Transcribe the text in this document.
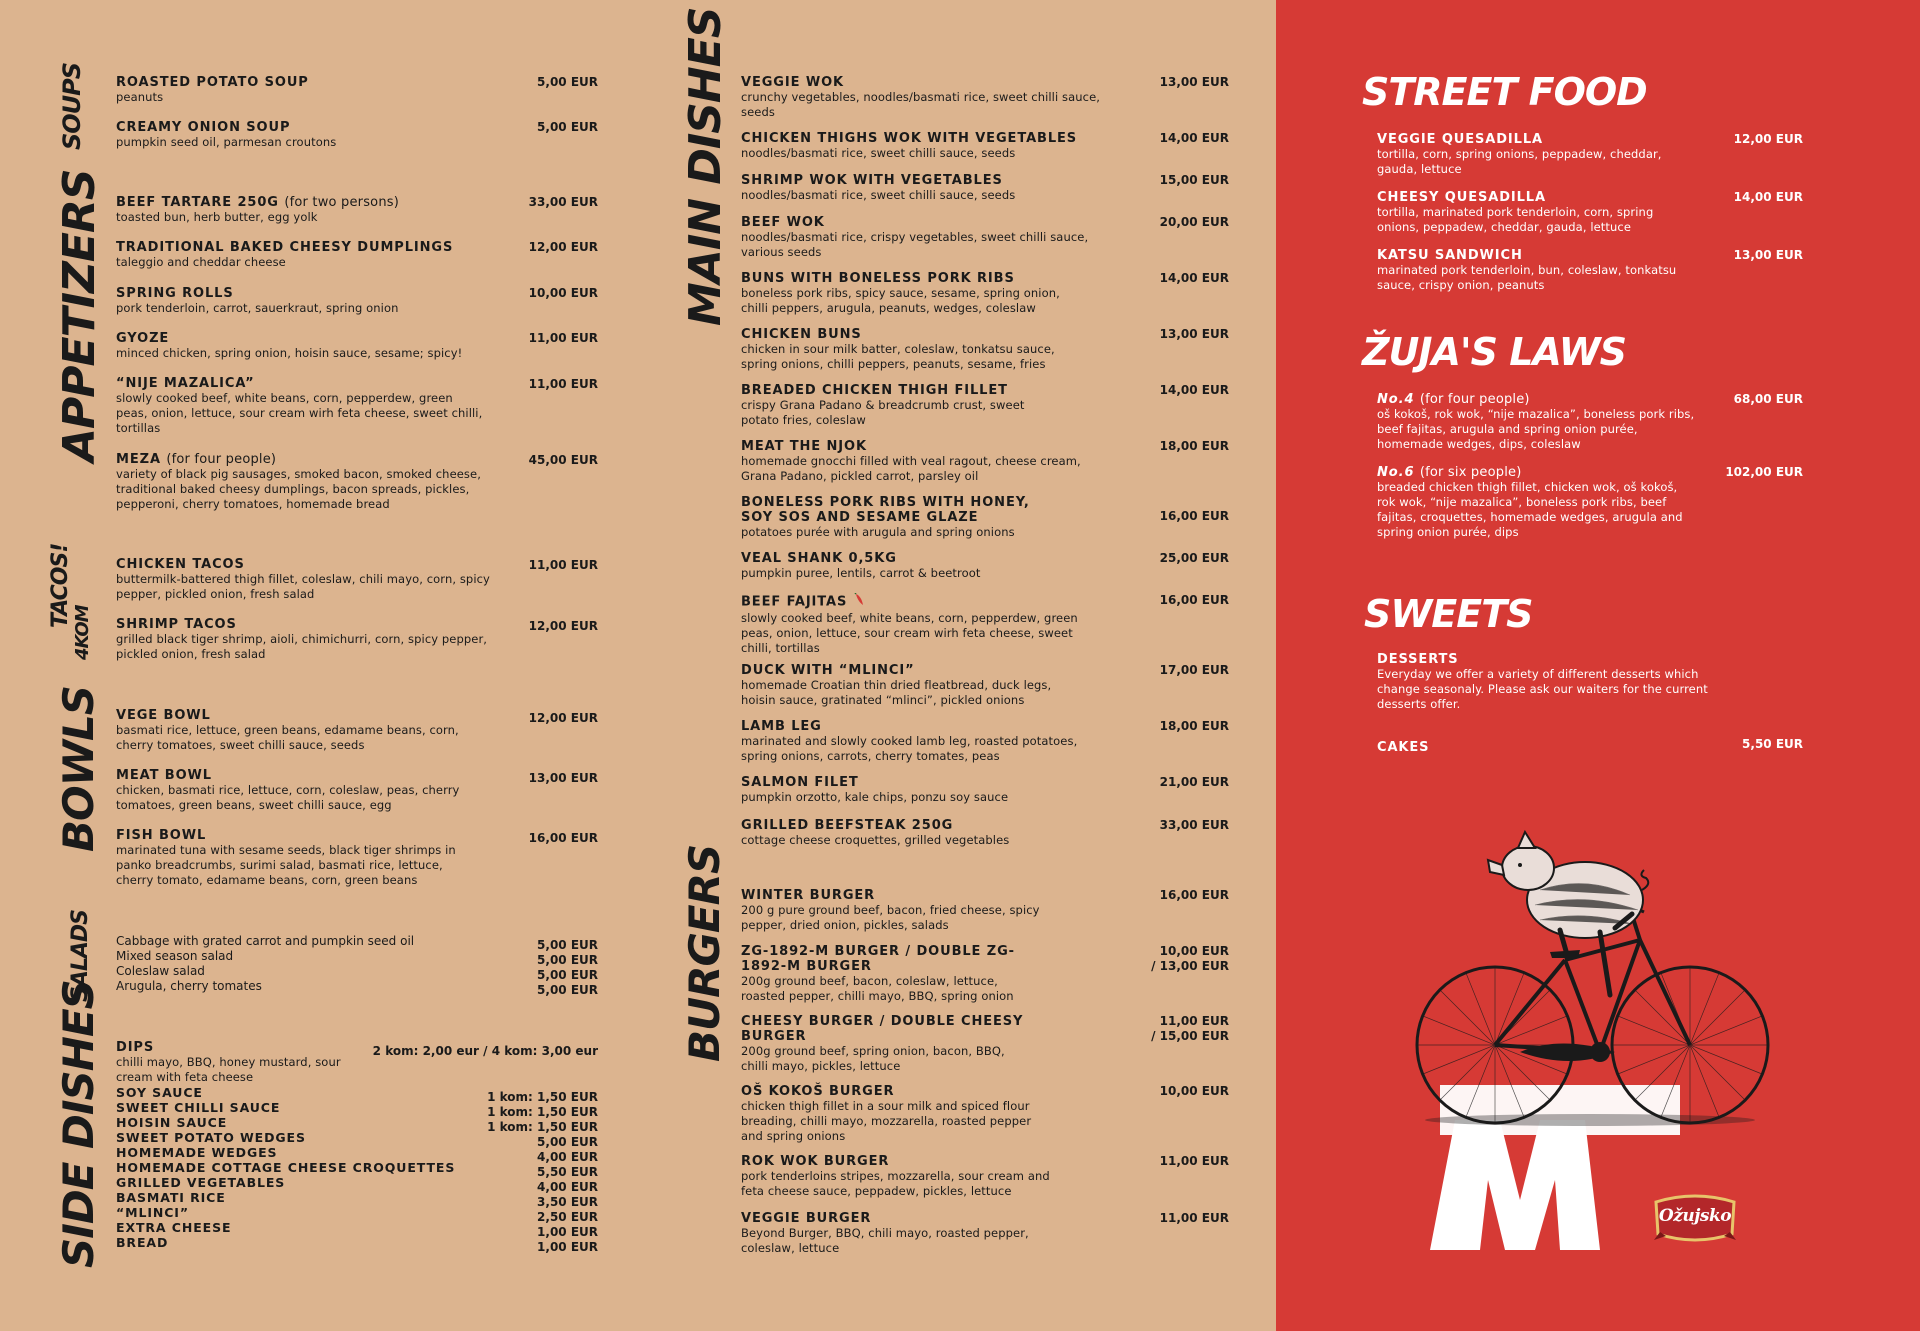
SOUPS
APPETIZERS
TACOS!
4KOM
BOWLS
SALADS
SIDE DISHES
MAIN DISHES
BURGERS
ROASTED POTATO SOUP
peanuts
5,00 EUR
CREAMY ONION SOUP
pumpkin seed oil, parmesan croutons
5,00 EUR
BEEF TARTARE 250G (for two persons)
toasted bun, herb butter, egg yolk
33,00 EUR
TRADITIONAL BAKED CHEESY DUMPLINGS
taleggio and cheddar cheese
12,00 EUR
SPRING ROLLS
pork tenderloin, carrot, sauerkraut, spring onion
10,00 EUR
GYOZE
minced chicken, spring onion, hoisin sauce, sesame; spicy!
11,00 EUR
“NIJE MAZALICA”
slowly cooked beef, white beans, corn, pepperdew, green peas, onion, lettuce, sour cream wirh feta cheese, sweet chilli, tortillas
11,00 EUR
MEZA (for four people)
variety of black pig sausages, smoked bacon, smoked cheese, traditional baked cheesy dumplings, bacon spreads, pickles, pepperoni, cherry tomatoes, homemade bread
45,00 EUR
CHICKEN TACOS
buttermilk-battered thigh fillet, coleslaw, chili mayo, corn, spicy pepper, pickled onion, fresh salad
11,00 EUR
SHRIMP TACOS
grilled black tiger shrimp, aioli, chimichurri, corn, spicy pepper, pickled onion, fresh salad
12,00 EUR
VEGE BOWL
basmati rice, lettuce, green beans, edamame beans, corn, cherry tomatoes, sweet chilli sauce, seeds
12,00 EUR
MEAT BOWL
chicken, basmati rice, lettuce, corn, coleslaw, peas, cherry tomatoes, green beans, sweet chilli sauce, egg
13,00 EUR
FISH BOWL
marinated tuna with sesame seeds, black tiger shrimps in panko breadcrumbs, surimi salad, basmati rice, lettuce, cherry tomato, edamame beans, corn, green beans
16,00 EUR
Cabbage with grated carrot and pumpkin seed oil	5,00 EUR
Mixed season salad	5,00 EUR
Coleslaw salad	5,00 EUR
Arugula, cherry tomates	5,00 EUR
DIPS
chilli mayo, BBQ, honey mustard, sour cream with feta cheese
2 kom: 2,00 eur / 4 kom: 3,00 eur
SOY SAUCE	1 kom: 1,50 EUR
SWEET CHILLI SAUCE	1 kom: 1,50 EUR
HOISIN SAUCE	1 kom: 1,50 EUR
SWEET POTATO WEDGES	5,00 EUR
HOMEMADE WEDGES	4,00 EUR
HOMEMADE COTTAGE CHEESE CROQUETTES	5,50 EUR
GRILLED VEGETABLES	4,00 EUR
BASMATI RICE	3,50 EUR
“MLINCI”	2,50 EUR
EXTRA CHEESE	1,00 EUR
BREAD	1,00 EUR
VEGGIE WOK
crunchy vegetables, noodles/basmati rice, sweet chilli sauce, seeds
13,00 EUR
CHICKEN THIGHS WOK WITH VEGETABLES
noodles/basmati rice, sweet chilli sauce, seeds
14,00 EUR
SHRIMP WOK WITH VEGETABLES
noodles/basmati rice, sweet chilli sauce, seeds
15,00 EUR
BEEF WOK
noodles/basmati rice, crispy vegetables, sweet chilli sauce, various seeds
20,00 EUR
BUNS WITH BONELESS PORK RIBS
boneless pork ribs, spicy sauce, sesame, spring onion, chilli peppers, arugula, peanuts, wedges, coleslaw
14,00 EUR
CHICKEN BUNS
chicken in sour milk batter, coleslaw, tonkatsu sauce, spring onions, chilli peppers, peanuts, sesame, fries
13,00 EUR
BREADED CHICKEN THIGH FILLET
crispy Grana Padano & breadcrumb crust, sweet potato fries, coleslaw
14,00 EUR
MEAT THE NJOK
homemade gnocchi filled with veal ragout, cheese cream, Grana Padano, pickled carrot, parsley oil
18,00 EUR
BONELESS PORK RIBS WITH HONEY, SOY SOS AND SESAME GLAZE
potatoes purée with arugula and spring onions
16,00 EUR
VEAL SHANK 0,5KG
pumpkin puree, lentils, carrot & beetroot
25,00 EUR
BEEF FAJITAS
slowly cooked beef, white beans, corn, pepperdew, green peas, onion, lettuce, sour cream wirh feta cheese, sweet chilli, tortillas
16,00 EUR
DUCK WITH “MLINCI”
homemade Croatian thin dried fleatbread, duck legs, hoisin sauce, gratinated “mlinci”, pickled onions
17,00 EUR
LAMB LEG
marinated and slowly cooked lamb leg, roasted potatoes, spring onions, carrots, cherry tomates, peas
18,00 EUR
SALMON FILET
pumpkin orzotto, kale chips, ponzu soy sauce
21,00 EUR
GRILLED BEEFSTEAK 250G
cottage cheese croquettes, grilled vegetables
33,00 EUR
WINTER BURGER
200 g pure ground beef, bacon, fried cheese, spicy pepper, dried onion, pickles, salads
16,00 EUR
ZG-1892-M BURGER / DOUBLE ZG-1892-M BURGER
200g ground beef, bacon, coleslaw, lettuce, roasted pepper, chilli mayo, BBQ, spring onion
10,00 EUR
/ 13,00 EUR
CHEESY BURGER / DOUBLE CHEESY BURGER
200g ground beef, spring onion, bacon, BBQ, chilli mayo, pickles, lettuce
11,00 EUR
/ 15,00 EUR
OŠ KOKOŠ BURGER
chicken thigh fillet in a sour milk and spiced flour breading, chilli mayo, mozzarella, roasted pepper and spring onions
10,00 EUR
ROK WOK BURGER
pork tenderloins stripes, mozzarella, sour cream and feta cheese sauce, peppadew, pickles, lettuce
11,00 EUR
VEGGIE BURGER
Beyond Burger, BBQ, chili mayo, roasted pepper, coleslaw, lettuce
11,00 EUR
STREET FOOD
VEGGIE QUESADILLA
tortilla, corn, spring onions, peppadew, cheddar, gauda, lettuce
12,00 EUR
CHEESY QUESADILLA
tortilla, marinated pork tenderloin, corn, spring onions, peppadew, cheddar, gauda, lettuce
14,00 EUR
KATSU SANDWICH
marinated pork tenderloin, bun, coleslaw, tonkatsu sauce, crispy onion, peanuts
13,00 EUR
ŽUJA'S LAWS
No.4 (for four people)
oš kokoš, rok wok, “nije mazalica”, boneless pork ribs, beef fajitas, arugula and spring onion purée, homemade wedges, dips, coleslaw
68,00 EUR
No.6 (for six people)
breaded chicken thigh fillet, chicken wok, oš kokoš, rok wok, “nije mazalica”, boneless pork ribs, beef fajitas, croquettes, homemade wedges, arugula and spring onion purée, dips
102,00 EUR
SWEETS
DESSERTS
Everyday we offer a variety of different desserts which change seasonaly. Please ask our waiters for the current desserts offer.
CAKES	5,50 EUR
Ožujsko
